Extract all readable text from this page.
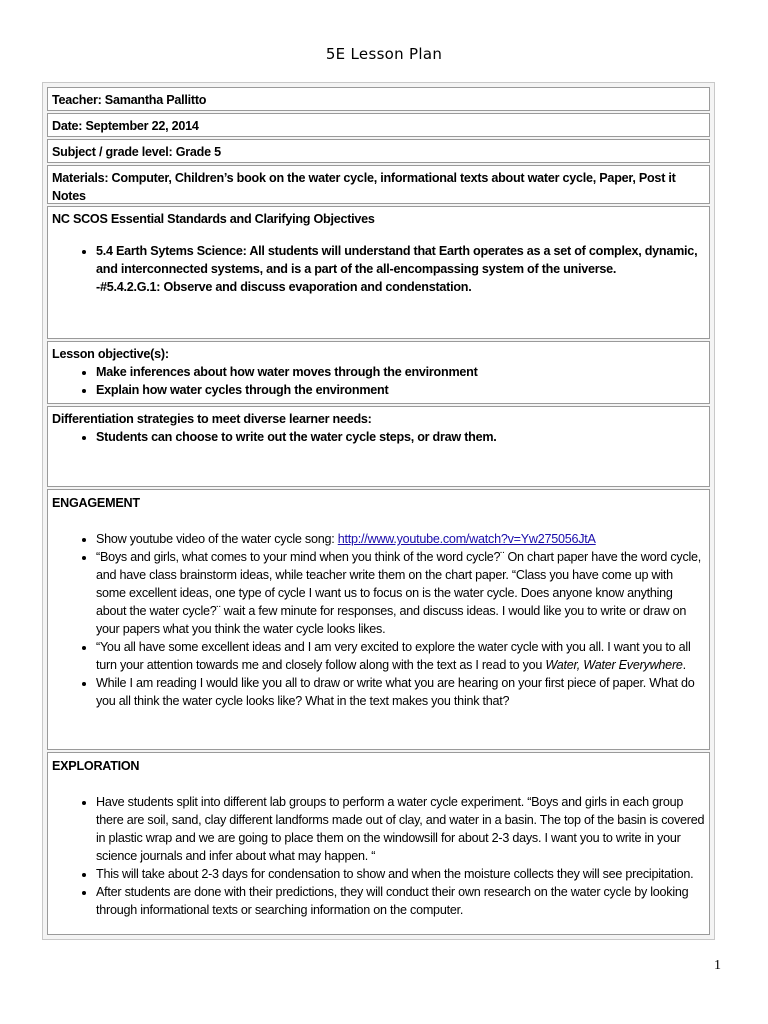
5E Lesson Plan
Teacher: Samantha Pallitto
Date: September 22, 2014
Subject / grade level: Grade 5
Materials: Computer, Children’s book on the water cycle, informational texts about water cycle, Paper, Post it Notes
NC SCOS Essential Standards and Clarifying Objectives
• 5.4 Earth Sytems Science: All students will understand that Earth operates as a set of complex, dynamic, and interconnected systems, and is a part of the all-encompassing system of the universe.
-#5.4.2.G.1: Observe and discuss evaporation and condenstation.
Lesson objective(s):
• Make inferences about how water moves through the environment
• Explain how water cycles through the environment
Differentiation strategies to meet diverse learner needs:
• Students can choose to write out the water cycle steps, or draw them.
ENGAGEMENT
• Show youtube video of the water cycle song: http://www.youtube.com/watch?v=Yw275056JtA
• “Boys and girls, what comes to your mind when you think of the word cycle?¨ On chart paper have the word cycle, and have class brainstorm ideas, while teacher write them on the chart paper. “Class you have come up with some excellent ideas, one type of cycle I want us to focus on is the water cycle. Does anyone know anything about the water cycle?¨ wait a few minute for responses, and discuss ideas. I would like you to write or draw on your papers what you think the water cycle looks likes.
• “You all have some excellent ideas and I am very excited to explore the water cycle with you all. I want you to all turn your attention towards me and closely follow along with the text as I read to you Water, Water Everywhere.
• While I am reading I would like you all to draw or write what you are hearing on your first piece of paper. What do you all think the water cycle looks like? What in the text makes you think that?
EXPLORATION
• Have students split into different lab groups to perform a water cycle experiment. “Boys and girls in each group there are soil, sand, clay different landforms made out of clay, and water in a basin. The top of the basin is covered in plastic wrap and we are going to place them on the windowsill for about 2-3 days. I want you to write in your science journals and infer about what may happen. “
• This will take about 2-3 days for condensation to show and when the moisture collects they will see precipitation.
• After students are done with their predictions, they will conduct their own research on the water cycle by looking through informational texts or searching information on the computer.
1
